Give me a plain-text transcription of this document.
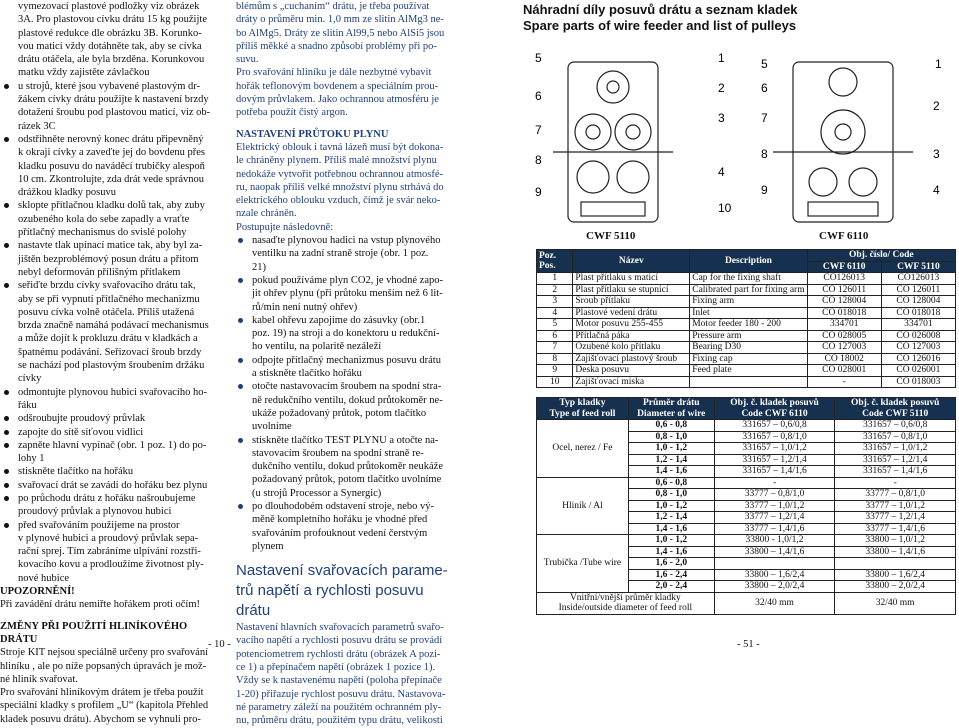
vymezovací plastové podložky viz obrázek
3A. Pro plastovou cívku drátu 15 kg použijte
plastové redukce dle obrázku 3B. Korunko-
vou maticí vždy dotáhněte tak, aby se cívka
drátu otáčela, ale byla brzděna. Korunkovou
matku vždy zajistěte závlačkou
u strojů, které jsou vybavené plastovým dr-
žákem cívky drátu použijte k nastavení brzdy
dotažení šroubu pod plastovou maticí, viz ob-
rázek 3C
odstřihněte nerovný konec drátu připevněný
k okraji cívky a zaveďte jej do bovdenu přes
kladku posuvu do naváděcí trubičky alespoň
10 cm. Zkontrolujte, zda drát vede správnou
drážkou kladky posuvu
sklopte přítlačnou kladku dolů tak, aby zuby
ozubeného kola do sebe zapadly a vraťte
přítlačný mechanismus do svislé polohy
nastavte tlak upínací matice tak, aby byl za-
jištěn bezproblémový posun drátu a přitom
nebyl deformován přílišným přítlakem
seřiďte brzdu cívky svařovacího drátu tak,
aby se při vypnutí přítlačného mechanizmu
posuvu cívka volně otáčela. Příliš utažená
brzda značně namáhá podávací mechanismus
a může dojít k prokluzu drátu v kladkách a
špatnému podávání. Seřizovací šroub brzdy
se nachází pod plastovým šroubením držáku
cívky
odmontujte plynovou hubici svařovacího ho-
řáku
odšroubujte proudový průvlak
zapojte do sítě síťovou vidlici
zapněte hlavní vypínač (obr. 1 poz. 1) do po-
lohy 1
stiskněte tlačítko na hořáku
svařovací drát se zavádí do hořáku bez plynu
po průchodu drátu z hořáku našroubujeme
proudový průvlak a plynovou hubici
před svařováním použijeme na prostor
v plynové hubici a proudový průvlak sepa-
rační sprej. Tím zabráníme ulpívání rozstři-
kovacího kovu a prodloužíme životnost ply-
nové hubice
UPOZORNĚNÍ!
Při zavádění drátu nemiřte hořákem proti očím!
ZMĚNY PŘI POUŽITÍ HLINÍKOVÉHO
DRÁTU
Stroje KIT nejsou speciálně určeny pro svařování
hliníku , ale po níže popsaných úpravách je mož-
né hliník svařovat.
Pro svařování hliníkovým drátem je třeba použít
speciální kladky s profilem „U“ (kapitola Přehled
kladek posuvu drátu). Abychom se vyhnuli pro-
- 10 -
blémům s „cuchaním“ drátu, je třeba používat
dráty o průměru min. 1,0 mm ze slitin AlMg3 ne-
bo AlMg5. Dráty ze slitin Al99,5 nebo AlSi5 jsou
příliš měkké a snadno způsobí problémy při po-
suvu.
Pro svařování hliníku je dále nezbytné vybavit
hořák teflonovým bovdenem a speciálním prou-
dovým průvlakem. Jako ochrannou atmosféru je
potřeba použít čistý argon.
NASTAVENÍ PRŮTOKU PLYNU
Elektrický oblouk i tavná lázeň musí být dokona-
le chráněny plynem. Příliš malé množství plynu
nedokáže vytvořit potřebnou ochrannou atmosfé-
ru, naopak příliš velké množství plynu strhává do
elektrického oblouku vzduch, čímž je svár neko-
nzale chráněn.
Postupujte následovně:
nasaďte plynovou hadici na vstup plynového
ventilku na zadní straně stroje (obr. 1 poz.
21)
pokud používáme plyn CO2, je vhodné zapo-
jit ohřev plynu (při průtoku menším než 6 lit-
rů/min není nutný ohřev)
kabel ohřevu zapojíme do zásuvky (obr.1
poz. 19) na stroji a do konektoru u redukční-
ho ventilu, na polaritě nezáleží
odpojte přítlačný mechanizmus posuvu drátu
a stiskněte tlačítko hořáku
otočte nastavovacím šroubem na spodní stra-
ně redukčního ventilu, dokud průtokoměr ne-
ukáže požadovaný průtok, potom tlačítko
uvolníme
stiskněte tlačítko TEST PLYNU a otočte na-
stavovacím šroubem na spodní straně re-
dukčního ventilu, dokud průtokoměr neukáže
požadovaný průtok, potom tlačítko uvolníme
(u strojů Processor a Synergic)
po dlouhodobém odstavení stroje, nebo vý-
měně kompletního hořáku je vhodné před
svařováním profouknout vedení čerstvým
plynem
Nastavení svařovacích parame-
trů napětí a rychlosti posuvu
drátu
Nastavení hlavních svařovacích parametrů svařo-
vacího napětí a rychlosti posuvu drátu se provádí
potenciometrem rychlosti drátu (obrázek A pozi-
ce 1) a přepínačem napětí (obrázek 1 pozice 1).
Vždy se k nastavenému napětí (poloha přepínače
1-20) přiřazuje rychlost posuvu drátu. Nastavova-
né parametry záleží na použitém ochranném ply-
nu, průměru drátu, použitém typu drátu, velikosti
Náhradní díly posuvů drátu a seznam kladek
Spare parts of wire feeder and list of pulleys
5	1
6
2
7
3
8
4
9
10
5	1
6
2
7
8	3
9	4
CWF 5110	CWF 6110
Poz.
Pos.	Název	Description	Obj. číslo/ Code	
			CWF 6110	CWF 5110
1	Plast přítlaku s maticí	Cap for the fixing shaft	CO126013	CO126013
2	Plast přítlaku se stupnicí	Calibrated part for fixing arm	CO 126011	CO 126011
3	Šroub přítlaku	Fixing arm	CO 128004	CO 128004
4	Plastové vedení drátu	Inlet	CO 018018	CO 018018
5	Motor posuvu 255-455	Motor feeder 180 - 200	334701	334701
6	Přítlačná páka	Pressure arm	CO 028005	CO 026008
7	Ozubené kolo přítlaku	Bearing D30	CO 127003	CO 127003
8	Zajišťovací plastový šroub	Fixing cap	CO 18002	CO 126016
9	Deska posuvu	Feed plate	CO 028001	CO 026001
10	Zajišťovací miska		-	CO 018003
Typ kladky
Type of feed roll	Průměr drátu
Diameter of wire	Obj. č. kladek posuvů
Code CWF 6110	Obj. č. kladek posuvů
Code CWF 5110
Ocel, nerez / Fe	0,6 - 0,8	331657 – 0,6/0,8	331657 – 0,6/0,8
	0,8 - 1,0	331657 – 0,8/1,0	331657 – 0,8/1,0
	1,0 - 1,2	331657 – 1,0/1,2	331657 – 1,0/1,2
	1,2 - 1,4	331657 – 1,2/1,4	331657 – 1,2/1,4
	1,4 - 1,6	331657 – 1,4/1,6	331657 – 1,4/1,6
Hliník / Al	0,6 - 0,8	-	-
	0,8 - 1,0	33777 – 0,8/1,0	33777 – 0,8/1,0
	1,0 - 1,2	33777 – 1,0/1,2	33777 – 1,0/1,2
	1,2 - 1,4	33777 – 1,2/1,4	33777 – 1,2/1,4
	1,4 - 1,6	33777 – 1,4/1,6	33777 – 1,4/1,6
Trubička /Tube wire	1,0 - 1,2	33800 - 1,0/1,2	33800 – 1,0/1,2
	1,4 - 1,6	33800 – 1,4/1,6	33800 – 1,4/1,6
	1,6 - 2,0		
	1,6 - 2,4	33800 – 1,6/2,4	33800 – 1,6/2,4
	2,0 - 2,4	33800 – 2,0/2,4	33800 – 2,0/2,4
Vnitřní/vnější průměr kladky
Inside/outside diameter of feed roll		32/40 mm	32/40 mm
- 51 -
